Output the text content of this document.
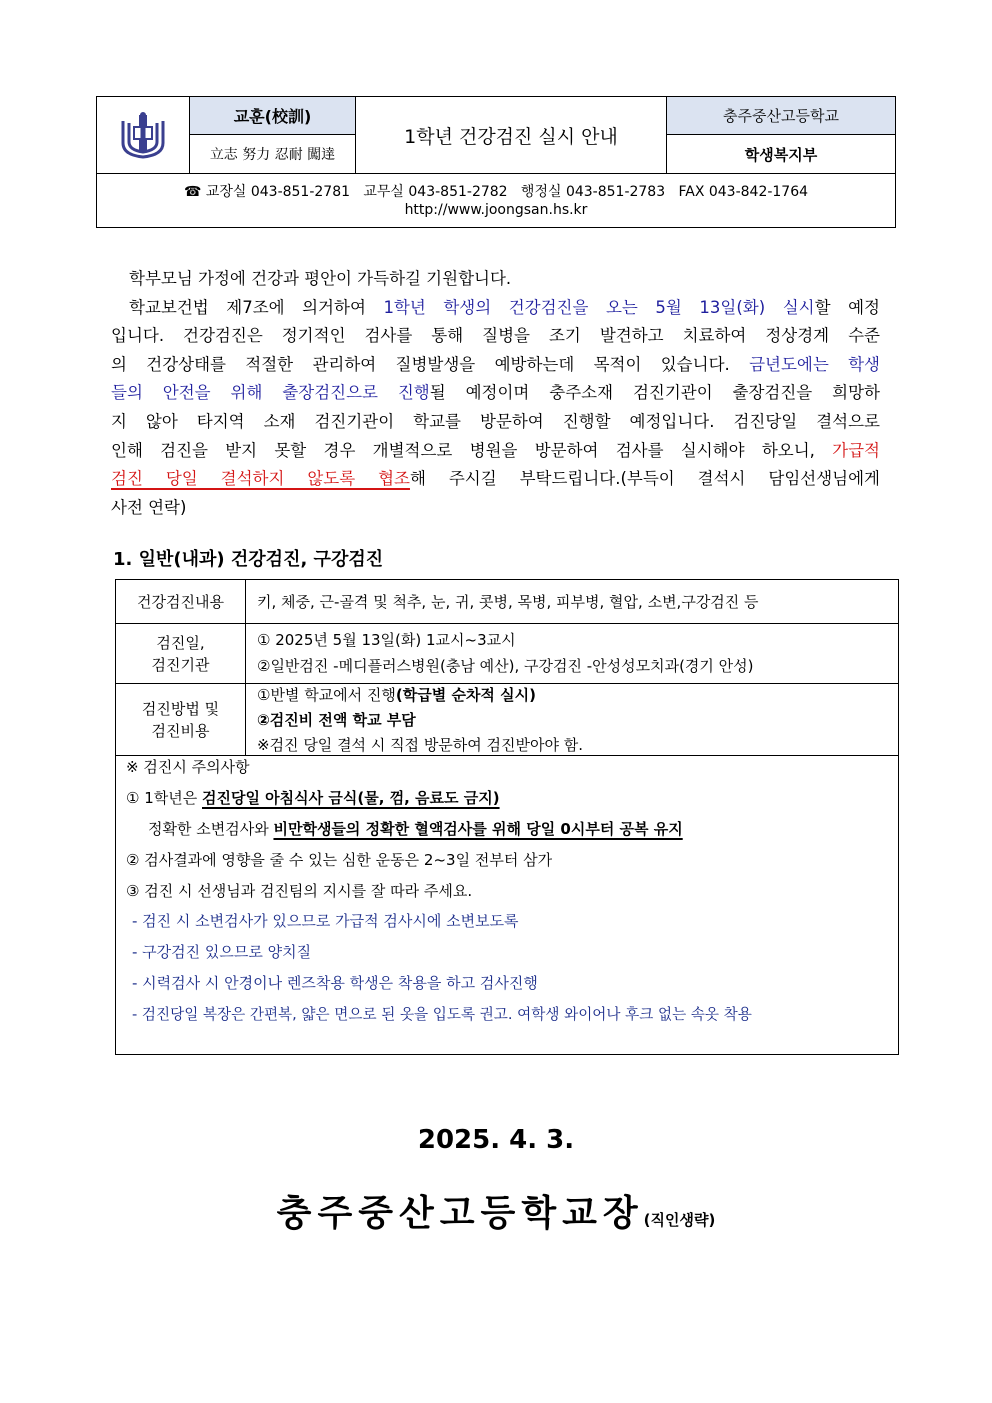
교훈(校訓)
立志 努力 忍耐 闖達
1학년 건강검진 실시 안내
충주중산고등학교
학생복지부
☎ 교장실 043-851-2781   교무실 043-851-2782   행정실 043-851-2783   FAX 043-842-1764
http://www.joongsan.hs.kr
학부모님 가정에 건강과 평안이 가득하길 기원합니다.
학교보건법 제7조에 의거하여 1학년 학생의 건강검진을 오는 5월 13일(화) 실시할 예정
입니다. 건강검진은 정기적인 검사를 통해 질병을 조기 발견하고 치료하여 정상경계 수준
의 건강상태를 적절한 관리하여 질병발생을 예방하는데 목적이 있습니다. 금년도에는 학생
들의 안전을 위해 출장검진으로 진행될 예정이며 충주소재 검진기관이 출장검진을 희망하
지 않아 타지역 소재 검진기관이 학교를 방문하여 진행할 예정입니다. 검진당일 결석으로
인해 검진을 받지 못할 경우 개별적으로 병원을 방문하여 검사를 실시해야 하오니, 가급적
검진 당일 결석하지 않도록 협조해 주시길 부탁드립니다.(부득이 결석시 담임선생님에게
사전 연락)
1. 일반(내과) 건강검진, 구강검진
건강검진내용	키, 체중, 근-골격 및 척추, 눈, 귀, 콧병, 목병, 피부병, 혈압, 소변,구강검진 등
검진일,
검진기관
① 2025년 5월 13일(화) 1교시~3교시
②일반검진 -메디플러스병원(충남 예산), 구강검진 -안성성모치과(경기 안성)
검진방법 및
검진비용
①반별 학교에서 진행(학급별 순차적 실시)
②검진비 전액 학교 부담
※검진 당일 결석 시 직접 방문하여 검진받아야 함.
※ 검진시 주의사항
① 1학년은 검진당일 아침식사 금식(물, 껌, 음료도 금지)
정확한 소변검사와 비만학생들의 정확한 혈액검사를 위해 당일 0시부터 공복 유지
② 검사결과에 영향을 줄 수 있는 심한 운동은 2~3일 전부터 삼가
③ 검진 시 선생님과 검진팀의 지시를 잘 따라 주세요.
- 검진 시 소변검사가 있으므로 가급적 검사시에 소변보도록
- 구강검진 있으므로 양치질
- 시력검사 시 안경이나 렌즈착용 학생은 착용을 하고 검사진행
- 검진당일 복장은 간편복, 얇은 면으로 된 옷을 입도록 권고. 여학생 와이어나 후크 없는 속옷 착용
2025. 4. 3.
충주중산고등학교장(직인생략)
